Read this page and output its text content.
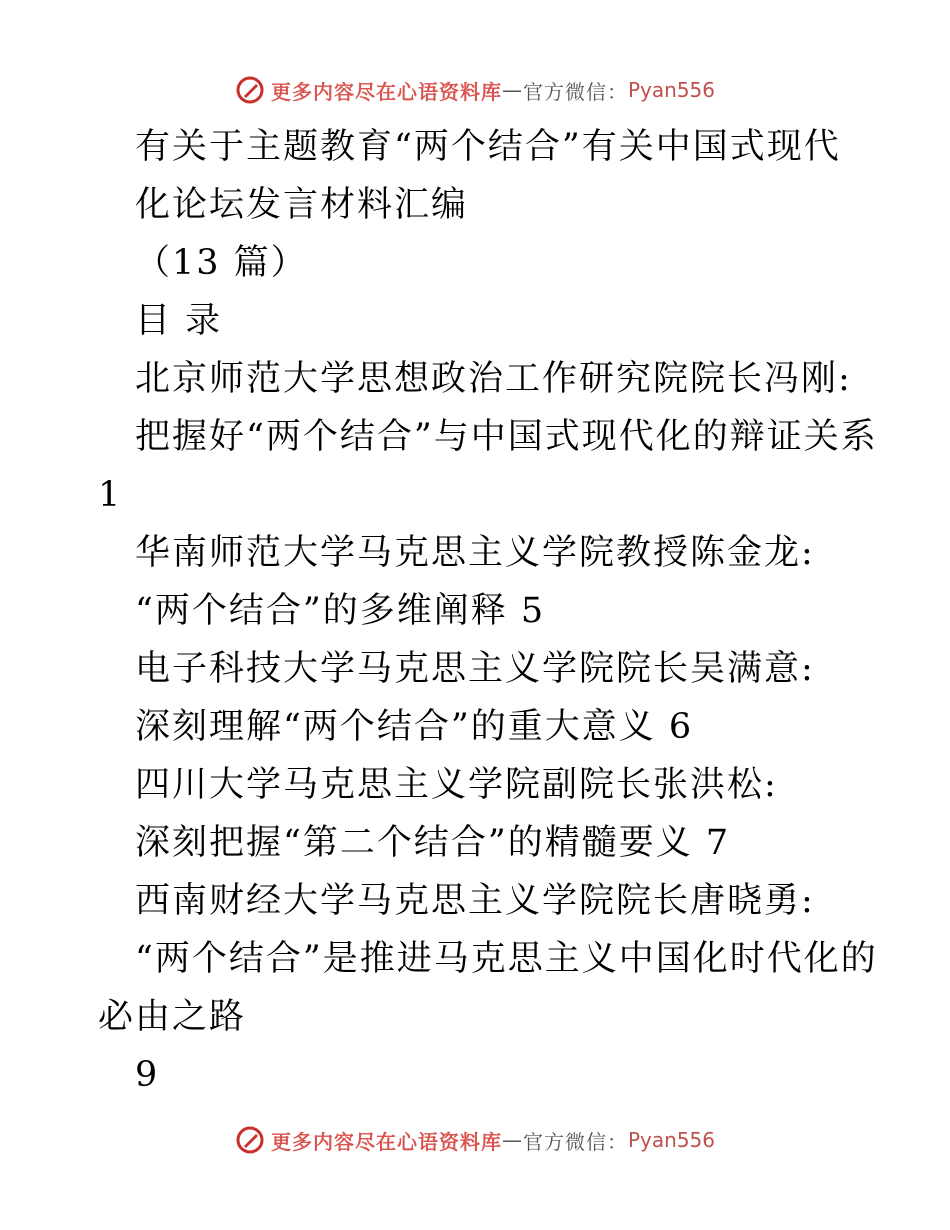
更多内容尽在心语资料库 — 官方微信： Pyan556
有关于主题教育“两个结合”有关中国式现代
化论坛发言材料汇编
（13 篇）
目 录
北京师范大学思想政治工作研究院院长冯刚:
把握好“两个结合”与中国式现代化的辩证关系
1
华南师范大学马克思主义学院教授陈金龙:
“两个结合”的多维阐释 5
电子科技大学马克思主义学院院长吴满意:
深刻理解“两个结合”的重大意义 6
四川大学马克思主义学院副院长张洪松:
深刻把握“第二个结合”的精髓要义 7
西南财经大学马克思主义学院院长唐晓勇:
“两个结合”是推进马克思主义中国化时代化的
必由之路
9
更多内容尽在心语资料库 — 官方微信： Pyan556
